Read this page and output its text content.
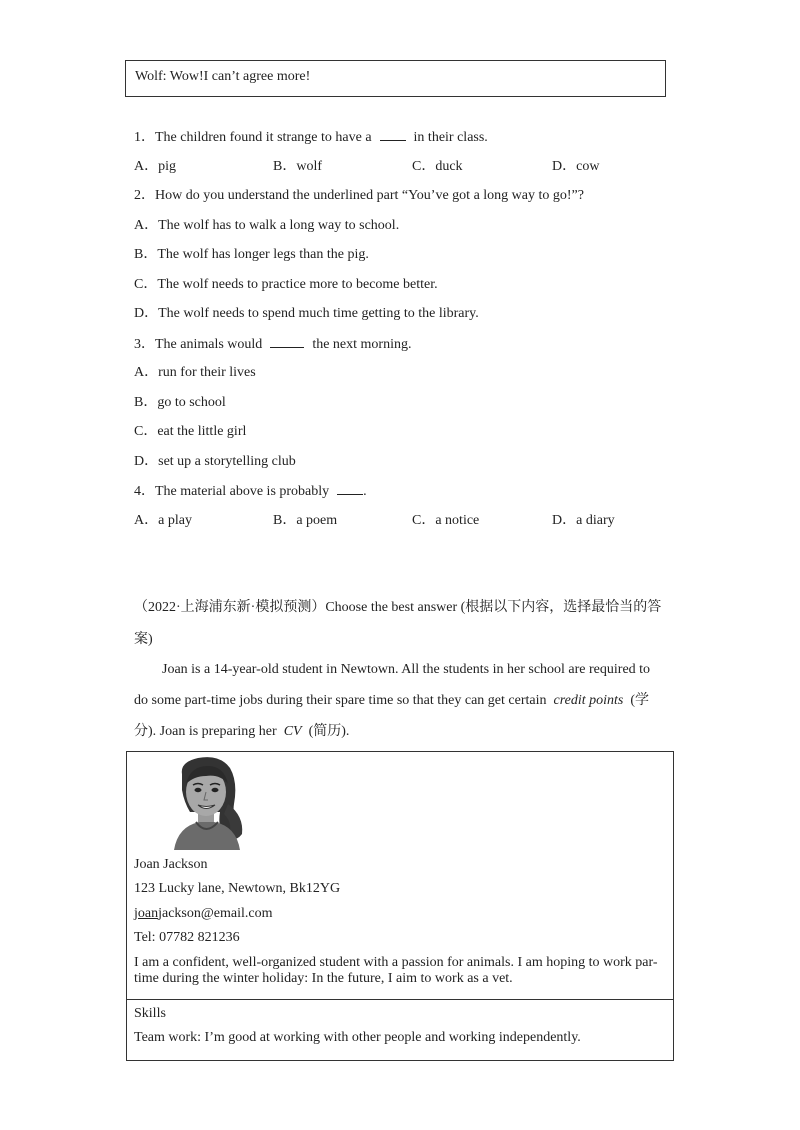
Wolf: Wow!I can’t agree more!
1．The children found it strange to have a	in their class.
A．pig	B．wolf	C．duck	D．cow
2．How do you understand the underlined part “You’ve got a long way to go!”?
A．The wolf has to walk a long way to school.
B．The wolf has longer legs than the pig.
C．The wolf needs to practice more to become better.
D．The wolf needs to spend much time getting to the library.
3．The animals would	the next morning.
A．run for their lives
B．go to school
C．eat the little girl
D．set up a storytelling club
4．The material above is probably .
A．a play	B．a poem	C．a notice	D．a diary
（2022·上海浦东新·模拟预测）Choose the best answer (根据以下内容，选择最恰当的答
案)
Joan is a 14-year-old student in Newtown. All the students in her school are required to
do some part-time jobs during their spare time so that they can get certain credit points (学
分). Joan is preparing her CV (简历).
Joan Jackson
123 Lucky lane, Newtown, Bk12YG
joanjackson@email.com
Tel: 07782 821236
I am a confident, well-organized student with a passion for animals. I am hoping to work par-
time during the winter holiday: In the future, I aim to work as a vet.
Skills
Team work: I’m good at working with other people and working independently.
